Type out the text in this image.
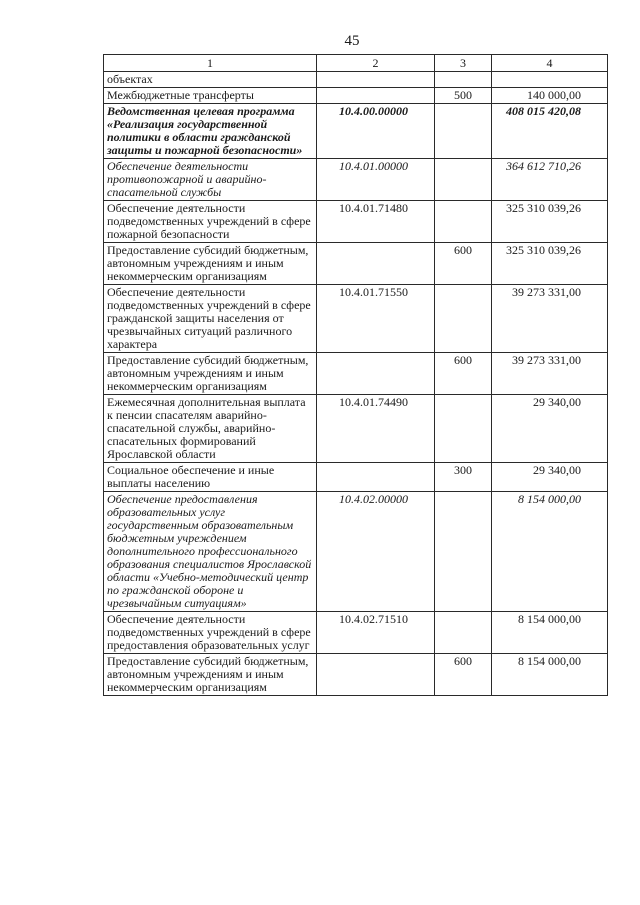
45
1	2	3	4
объектах			
Межбюджетные трансферты		500	140 000,00
Ведомственная целевая программа «Реализация государственной политики в области гражданской защиты и пожарной безопасности»	10.4.00.00000		408 015 420,08
Обеспечение деятельности противопожарной и аварийно-спасательной службы	10.4.01.00000		364 612 710,26
Обеспечение деятельности подведомственных учреждений в сфере пожарной безопасности	10.4.01.71480		325 310 039,26
Предоставление субсидий бюджетным, автономным учреждениям и иным некоммерческим организациям		600	325 310 039,26
Обеспечение деятельности подведомственных учреждений в сфере гражданской защиты населения от чрезвычайных ситуаций различного характера	10.4.01.71550		39 273 331,00
Предоставление субсидий бюджетным, автономным учреждениям и иным некоммерческим организациям		600	39 273 331,00
Ежемесячная дополнительная выплата к пенсии спасателям аварийно-спасательной службы, аварийно-спасательных формирований Ярославской области	10.4.01.74490		29 340,00
Социальное обеспечение и иные выплаты населению		300	29 340,00
Обеспечение предоставления образовательных услуг государственным образовательным бюджетным учреждением дополнительного профессионального образования специалистов Ярославской области «Учебно-методический центр по гражданской обороне и чрезвычайным ситуациям»	10.4.02.00000		8 154 000,00
Обеспечение деятельности подведомственных учреждений в сфере предоставления образовательных услуг	10.4.02.71510		8 154 000,00
Предоставление субсидий бюджетным, автономным учреждениям и иным некоммерческим организациям		600	8 154 000,00
